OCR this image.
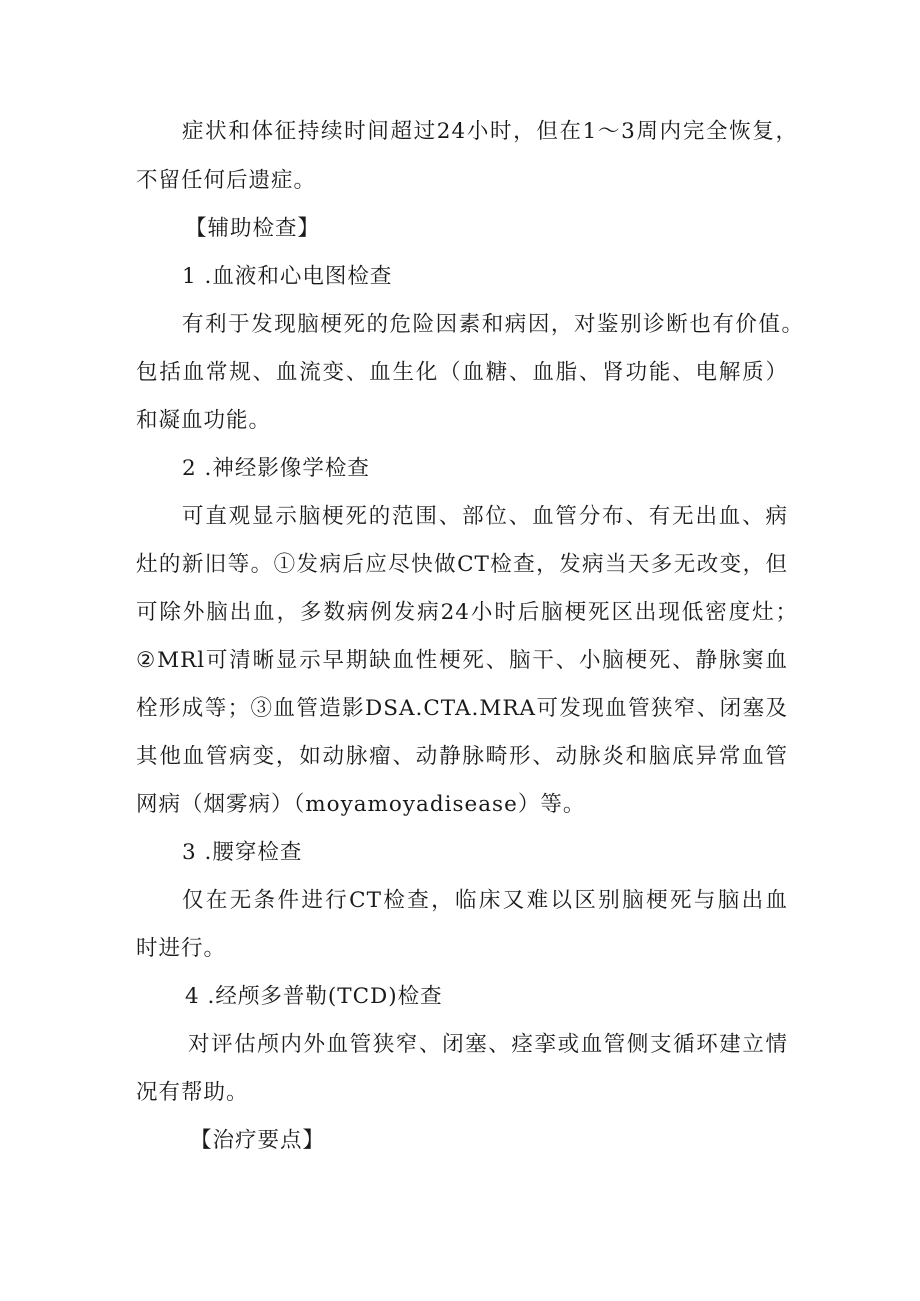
症状和体征持续时间超过24小时，但在1～3周内完全恢复，
不留任何后遗症。
【辅助检查】
1 .血液和心电图检查
有利于发现脑梗死的危险因素和病因，对鉴别诊断也有价值。
包括血常规、血流变、血生化（血糖、血脂、肾功能、电解质）
和凝血功能。
2 .神经影像学检查
可直观显示脑梗死的范围、部位、血管分布、有无出血、病
灶的新旧等。①发病后应尽快做CT检查，发病当天多无改变，但
可除外脑出血，多数病例发病24小时后脑梗死区出现低密度灶；
②MRl可清晰显示早期缺血性梗死、脑干、小脑梗死、静脉窦血
栓形成等；③血管造影DSA.CTA.MRA可发现血管狭窄、闭塞及
其他血管病变，如动脉瘤、动静脉畸形、动脉炎和脑底异常血管
网病（烟雾病）（moyamoyadisease）等。
3 .腰穿检查
仅在无条件进行CT检查，临床又难以区别脑梗死与脑出血
时进行。
4 .经颅多普勒(TCD)检查
对评估颅内外血管狭窄、闭塞、痉挛或血管侧支循环建立情
况有帮助。
【治疗要点】
